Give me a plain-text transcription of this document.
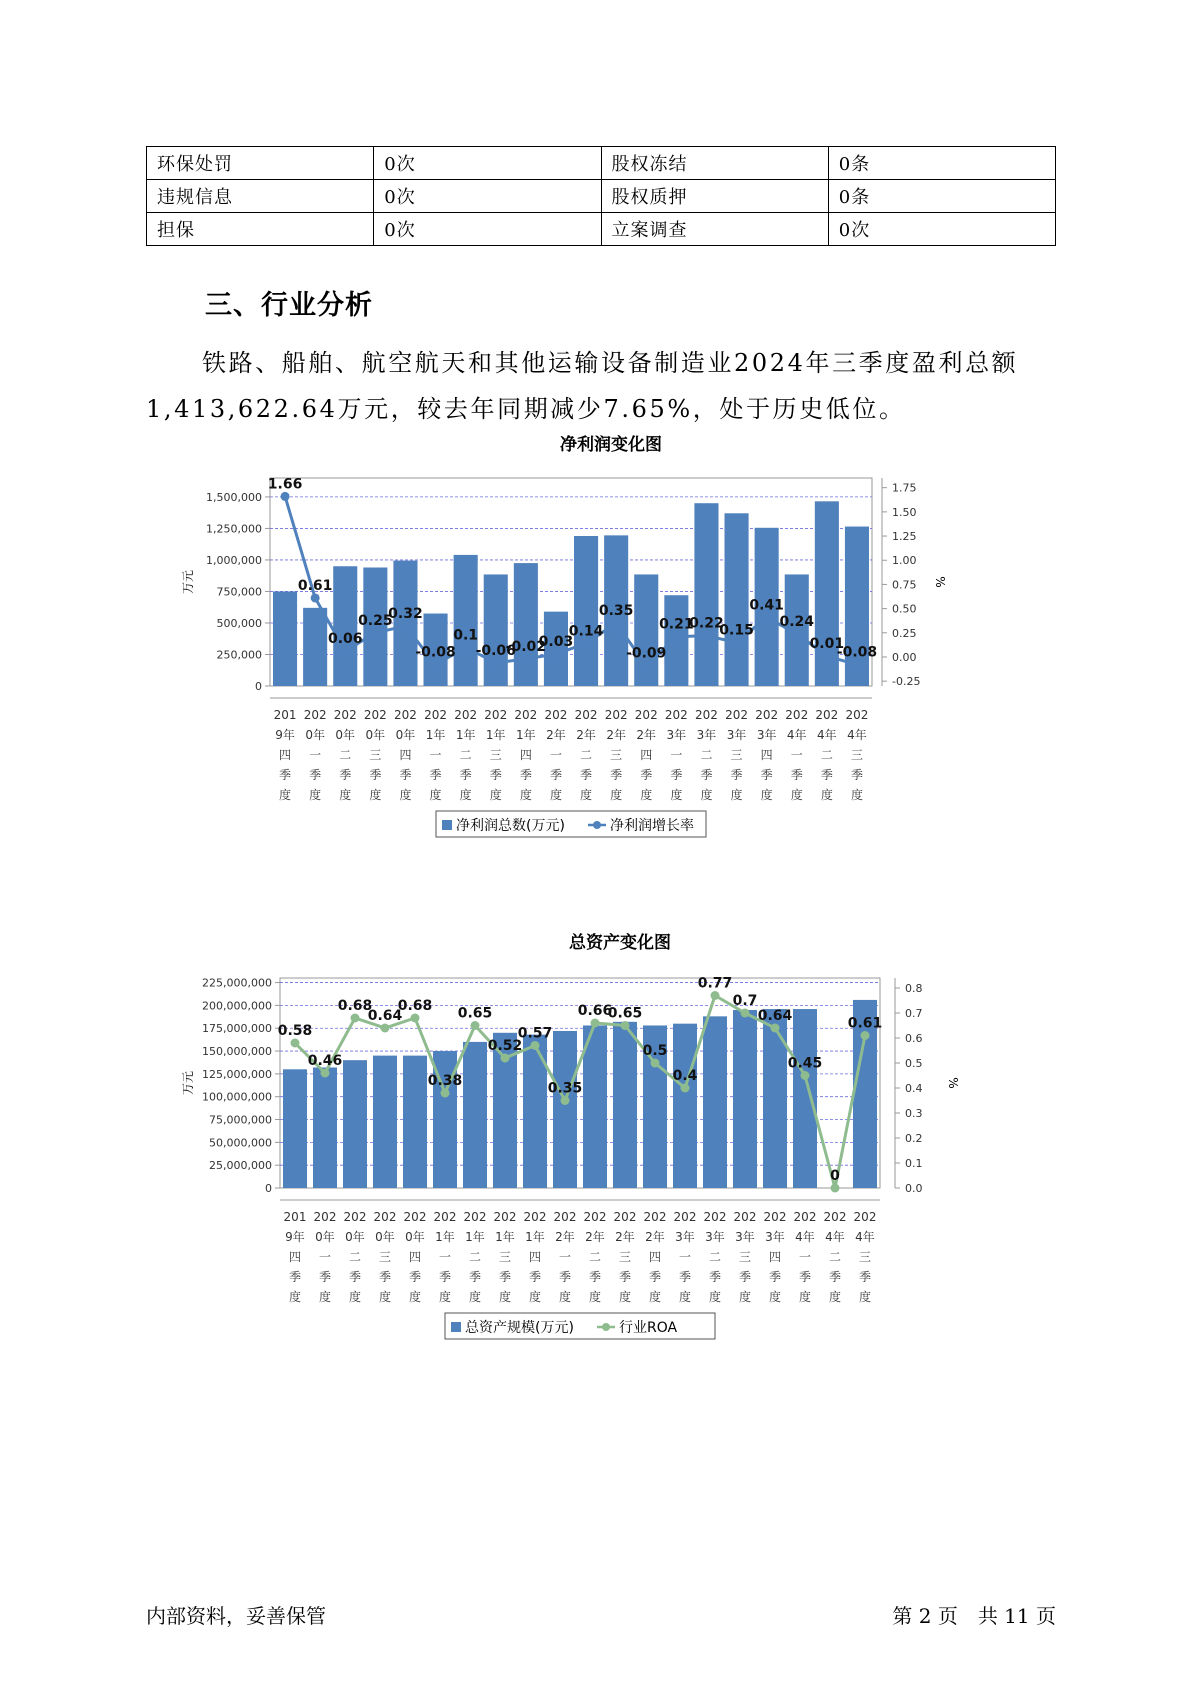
环保处罚	0次	股权冻结	0条
违规信息	0次	股权质押	0条
担保	0次	立案调查	0次
三、行业分析
铁路、船舶、航空航天和其他运输设备制造业2024年三季度盈利总额
1,413,622.64万元，较去年同期减少7.65%，处于历史低位。
净利润变化图
0
250,000
500,000
750,000
1,000,000
1,250,000
1,500,000
-0.25
0.00
0.25
0.50
0.75
1.00
1.25
1.50
1.75
万元	%
1.66
0.61
0.06
0.25
0.32
-0.08
0.1
-0.06
-0.02
0.03
0.14
0.35
-0.09
0.21
0.22
0.15
0.41
0.24
0.01
-0.08
201
9年
四
季
度
202
0年
一
季
度
202
0年
二
季
度
202
0年
三
季
度
202
0年
四
季
度
202
1年
一
季
度
202
1年
二
季
度
202
1年
三
季
度
202
1年
四
季
度
202
2年
一
季
度
202
2年
二
季
度
202
2年
三
季
度
202
2年
四
季
度
202
3年
一
季
度
202
3年
二
季
度
202
3年
三
季
度
202
3年
四
季
度
202
4年
一
季
度
202
4年
二
季
度
202
4年
三
季
度
净利润总数(万元)	净利润增长率
总资产变化图
0
25,000,000
50,000,000
75,000,000
100,000,000
125,000,000
150,000,000
175,000,000
200,000,000
225,000,000
0.0
0.1
0.2
0.3
0.4
0.5
0.6
0.7
0.8
万元	%
0.58
0.46
0.68
0.64
0.68
0.38
0.65
0.52
0.57
0.35
0.66
0.65
0.5
0.4
0.77
0.7
0.64
0.45
0
0.61
201
9年
四
季
度
202
0年
一
季
度
202
0年
二
季
度
202
0年
三
季
度
202
0年
四
季
度
202
1年
一
季
度
202
1年
二
季
度
202
1年
三
季
度
202
1年
四
季
度
202
2年
一
季
度
202
2年
二
季
度
202
2年
三
季
度
202
2年
四
季
度
202
3年
一
季
度
202
3年
二
季
度
202
3年
三
季
度
202
3年
四
季
度
202
4年
一
季
度
202
4年
二
季
度
202
4年
三
季
度
总资产规模(万元)	行业ROA
内部资料，妥善保管	第 2 页　共 11 页
